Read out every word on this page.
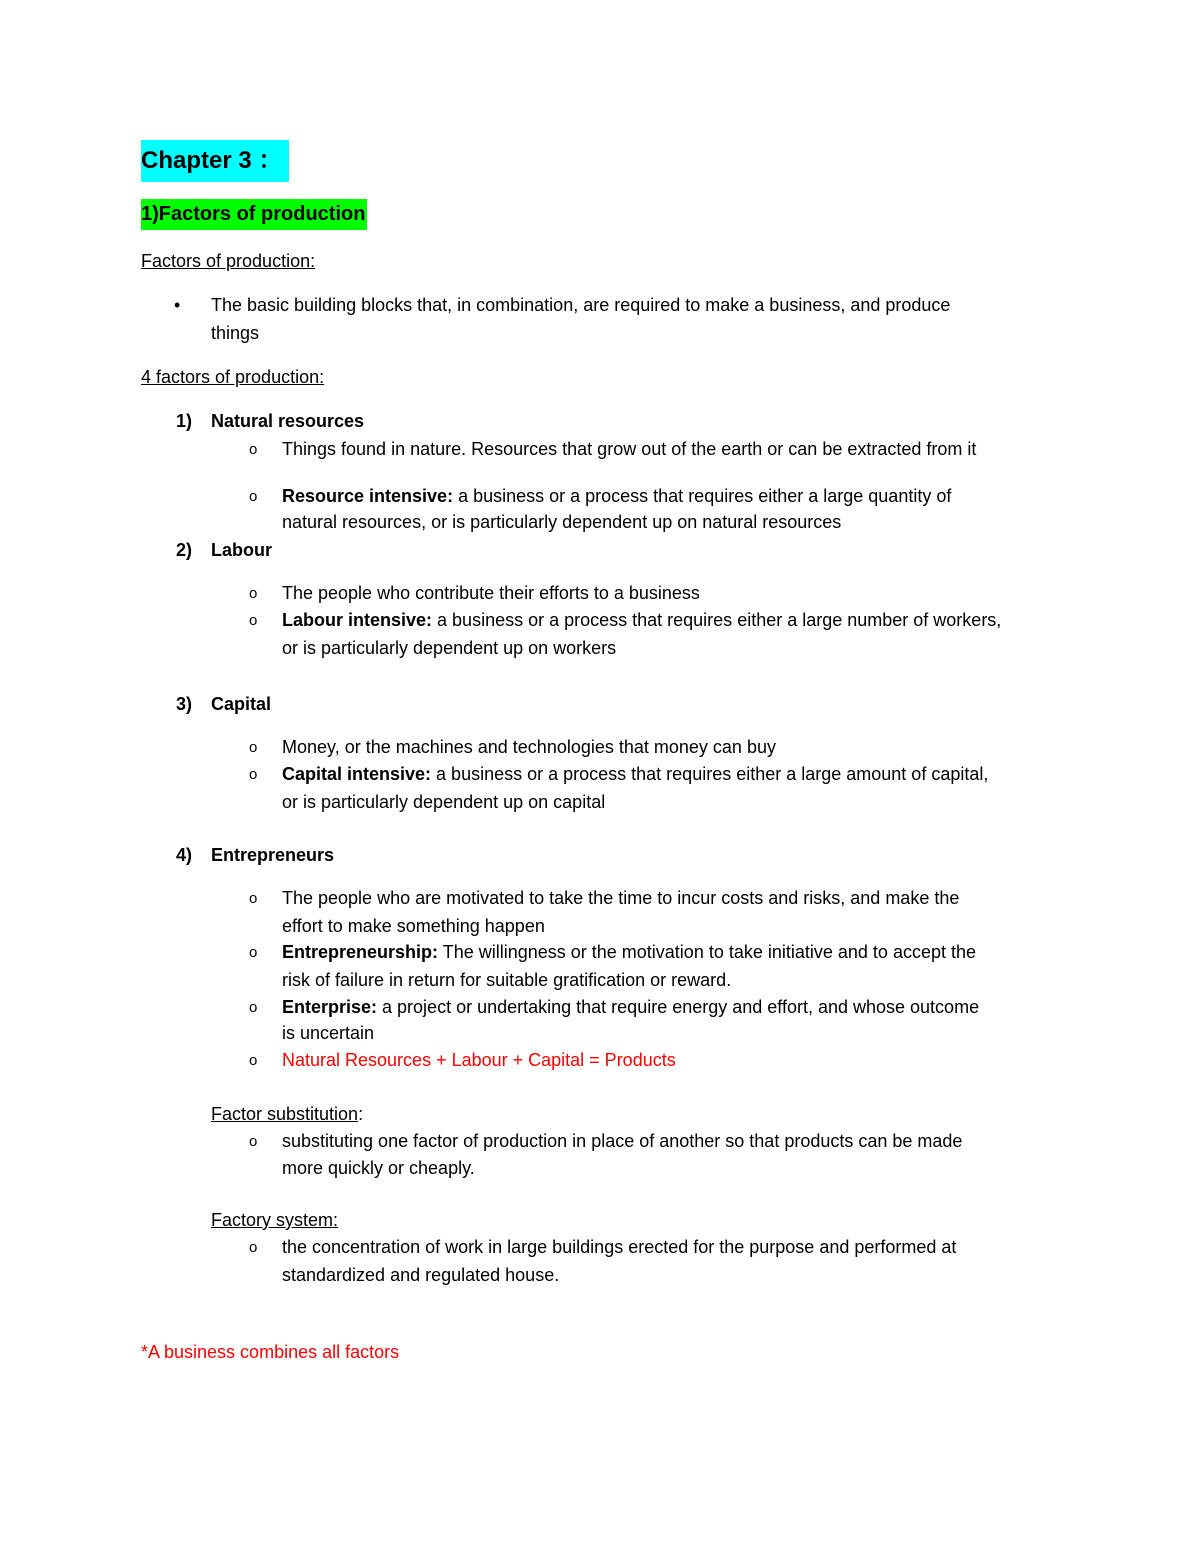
Chapter 3 ：
1)Factors of production
Factors of production:
• The basic building blocks that, in combination, are required to make a business, and produce
things
4 factors of production:
1) Natural resources
o Things found in nature. Resources that grow out of the earth or can be extracted from it
o Resource intensive: a business or a process that requires either a large quantity of
natural resources, or is particularly dependent up on natural resources
2) Labour
o The people who contribute their efforts to a business
o Labour intensive: a business or a process that requires either a large number of workers,
or is particularly dependent up on workers
3) Capital
o Money, or the machines and technologies that money can buy
o Capital intensive: a business or a process that requires either a large amount of capital,
or is particularly dependent up on capital
4) Entrepreneurs
o The people who are motivated to take the time to incur costs and risks, and make the
effort to make something happen
o Entrepreneurship: The willingness or the motivation to take initiative and to accept the
risk of failure in return for suitable gratification or reward.
o Enterprise: a project or undertaking that require energy and effort, and whose outcome
is uncertain
o Natural Resources + Labour + Capital = Products
Factor substitution:
o substituting one factor of production in place of another so that products can be made
more quickly or cheaply.
Factory system:
o the concentration of work in large buildings erected for the purpose and performed at
standardized and regulated house.
*A business combines all factors
